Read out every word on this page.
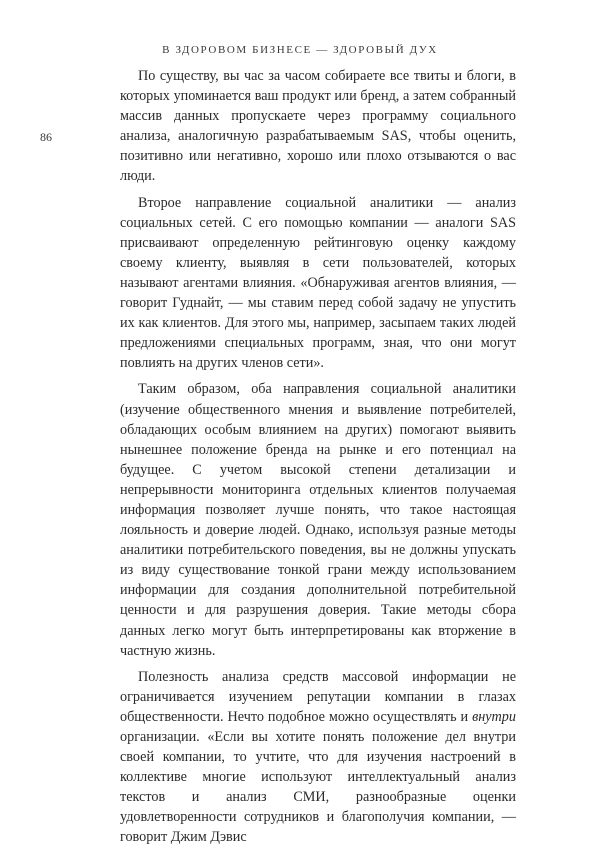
В ЗДОРОВОМ БИЗНЕСЕ — ЗДОРОВЫЙ ДУХ
86

По существу, вы час за часом собираете все твиты и блоги, в которых упоминается ваш продукт или бренд, а затем собранный массив данных пропускаете через программу социального анализа, аналогичную разрабатываемым SAS, чтобы оценить, позитивно или негативно, хорошо или плохо отзываются о вас люди.

Второе направление социальной аналитики — анализ социальных сетей. С его помощью компании — аналоги SAS присваивают определенную рейтинговую оценку каждому своему клиенту, выявляя в сети пользователей, которых называют агентами влияния. «Обнаруживая агентов влияния, — говорит Гуднайт, — мы ставим перед собой задачу не упустить их как клиентов. Для этого мы, например, засыпаем таких людей предложениями специальных программ, зная, что они могут повлиять на других членов сети».

Таким образом, оба направления социальной аналитики (изучение общественного мнения и выявление потребителей, обладающих особым влиянием на других) помогают выявить нынешнее положение бренда на рынке и его потенциал на будущее. С учетом высокой степени детализации и непрерывности мониторинга отдельных клиентов получаемая информация позволяет лучше понять, что такое настоящая лояльность и доверие людей. Однако, используя разные методы аналитики потребительского поведения, вы не должны упускать из виду существование тонкой грани между использованием информации для создания дополнительной потребительной ценности и для разрушения доверия. Такие методы сбора данных легко могут быть интерпретированы как вторжение в частную жизнь.

Полезность анализа средств массовой информации не ограничивается изучением репутации компании в глазах общественности. Нечто подобное можно осуществлять и внутри организации. «Если вы хотите понять положение дел внутри своей компании, то учтите, что для изучения настроений в коллективе многие используют интеллектуальный анализ текстов и анализ СМИ, разнообразные оценки удовлетворенности сотрудников и благополучия компании, — говорит Джим Дэвис
